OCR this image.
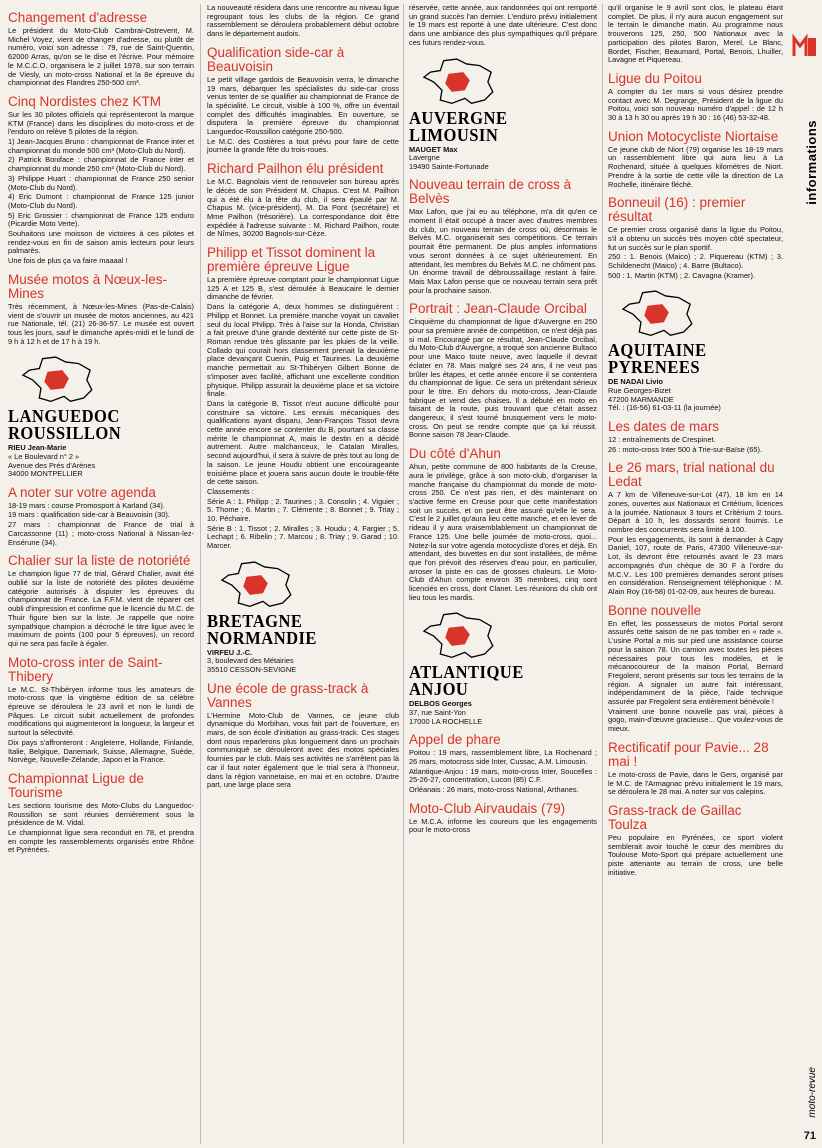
Changement d'adresse

Le président du Moto-Club Cambrai-Ostrevent, M. Michel Voyez, vient de changer d'adresse, ou plutôt de numéro, voici son adresse : 79, rue de Saint-Quentin, 62000 Arras, qu'on se le dise et l'écrive. Pour mémoire le M.C.C.O. organisera le 2 juillet 1978, sur son terrain de Viesly, un moto-cross National et la 8e épreuve du championnat des Flandres 250-500 cm³.

Cinq Nordistes chez KTM

Sur les 30 pilotes officiels qui représenteront la marque KTM (France) dans les disciplines du moto-cross et de l'enduro on relève 5 pilotes de la région.

1) Jean-Jacques Bruno : championnat de France inter et championnat du monde 500 cm³ (Moto-Club du Nord).

2) Patrick Boniface : championnat de France inter et championnat du monde 250 cm³ (Moto-Club du Nord).

3) Philippe Huart : championnat de France 250 senior (Moto-Club du Nord).

4) Eric Dumont : championnat de France 125 junior (Moto-Club du Nord).

5) Eric Grossier : championnat de France 125 enduro (Picardie Moto Verte).

Souhaitons une moisson de victoires à ces pilotes et rendez-vous en fin de saison amis lecteurs pour leurs palmarès.

Une fois de plus ça va faire maaaal !

Musée motos à Nœux-les-Mines

Très récemment, à Nœux-les-Mines (Pas-de-Calais) vient de s'ouvrir un musée de motos anciennes, au 421 rue Nationale, tél. (21) 26-36-57. Le musée est ouvert tous les jours, sauf le dimanche après-midi et le lundi de 9 h à 12 h et de 17 h à 19 h.

LANGUEDOC
ROUSSILLON
RIEU Jean-Marie
« Le Boulevard n° 2 »
Avenue des Prés d'Arènes
34000 MONTPELLIER
A noter sur votre agenda

18-19 mars : course Promosport à Karland (34).

19 mars : qualification side-car à Beauvoisin (30).

27 mars : championnat de France de trial à Carcassonne (11) ; moto-cross National à Nissan-lez-Ensérune (34).

Chalier sur la liste de notoriété

Le champion ligue 77 de trial, Gérard Chalier, avait été oublié sur la liste de notoriété des pilotes deuxième catégorie autorisés à disputer les épreuves du championnat de France. La F.F.M. vient de réparer cet oubli d'impression et confirme que le licencié du M.C. de Thuir figure bien sur la liste. Je rappelle que notre sympathique champion a décroché le titre ligue avec le maximum de points (100 pour 5 épreuves), un record qui ne sera pas facile à égaler.

Moto-cross inter de Saint-Thibery

Le M.C. St-Thibéryen informe tous les amateurs de moto-cross que la vingtième édition de sa célèbre épreuve se déroulera le 23 avril et non le lundi de Pâques. Le circuit subit actuellement de profondes modifications qui augmenteront la longueur, la largeur et surtout la sélectivité.

Dix pays s'affronteront : Angleterre, Hollande, Finlande, Italie, Belgique, Danemark, Suisse, Allemagne, Suède, Norvège, Nouvelle-Zélande, Japon et la France.

Championnat Ligue de Tourisme

Les sections tourisme des Moto-Clubs du Languedoc-Roussillon se sont réunies dernièrement sous la présidence de M. Vidal.

Le championnat ligue sera reconduit en 78, et prendra en compte les rassemblements organisés entre Rhône et Pyrénées.

La nouveauté résidera dans une rencontre au niveau ligue regroupant tous les clubs de la région. Ce grand rassemblement se déroulera probablement début octobre dans le département audois.

Qualification side-car à Beauvoisin

Le petit village gardois de Beauvoisin verra, le dimanche 19 mars, débarquer les spécialistes du side-car cross venus tenter de se qualifier au championnat de France de la spécialité. Le circuit, visible à 100 %, offre un éventail complet des difficultés imaginables. En ouverture, se disputera la première épreuve du championnat Languedoc-Roussillon catégorie 250-500.

Le M.C. des Costières a tout prévu pour faire de cette journée la grande fête du trois-roues.

Richard Pailhon élu président

Le M.C. Bagnolais vient de renouveler son bureau après le décès de son Président M. Chapus. C'est M. Pailhon qui a été élu à la tête du club, il sera épaulé par M. Chapus M. (vice-président), M. Da Pont (secrétaire) et Mme Pailhon (trésorière). La correspondance doit être expédiée à l'adresse suivante : M. Richard Pailhon, route de Nîmes, 30200 Bagnols-sur-Cèze.

Philipp et Tissot dominent la première épreuve Ligue

La première épreuve comptant pour le championnat Ligue 125 A et 125 B, s'est déroulée à Beaucaire le dernier dimanche de février.

Dans la catégorie A, deux hommes se distinguèrent : Philipp et Bonnet. La première manche voyait un cavalier seul du local Philipp. Très à l'aise sur la Honda, Christian a fait preuve d'une grande dextérité sur cette piste de St-Roman rendue très glissante par les pluies de la veille. Collado qui courait hors classement prenait la deuxième place devançant Cuenin, Puig et Taurines. La deuxième manche permettait au St-Thibéryen Gilbert Bonne de s'imposer avec facilité, affichant une excellente condition physique. Philipp assurait la deuxième place et sa victoire finale.

Dans la catégorie B, Tissot n'eut aucune difficulté pour construire sa victoire. Les ennuis mécaniques des qualifications ayant disparu, Jean-François Tissot devra cette année encore se contenter du B, pourtant sa classe mérite le championnat A, mais le destin en a décidé autrement. Autre malchanceux, le Catalan Miralles, second aujourd'hui, il sera à suivre de près tout au long de la saison. Le jeune Houdu obtient une encourageante troisième place et jouera sans aucun doute le trouble-fête de cette saison.

Classements :

Série A : 1. Philipp ; 2. Taurines ; 3. Consolin ; 4. Viguier ; 5. Thome ; 6. Martin ; 7. Clémente ; 8. Bonnet ; 9. Triay ; 10. Péchaire.

Série B : 1. Tissot ; 2. Miralles ; 3. Houdu ; 4. Fargier ; 5. Lechapt ; 6. Ribelin ; 7. Marcou ; 8. Triay ; 9. Garad ; 10. Marcer.

BRETAGNE
NORMANDIE
VIRFEU J.-C.
3, boulevard des Métairies
35510 CESSON-SEVIGNE
Une école de grass-track à Vannes

L'Hermine Moto-Club de Vannes, ce jeune club dynamique du Morbihan, vous fait part de l'ouverture, en mars, de son école d'initiation au grass-track. Ces stages dont nous reparlerons plus longuement dans un prochain communiqué se dérouleront avec des motos spéciales fournies par le club. Mais ses activités ne s'arrêtent pas là car il faut noter également que le trial sera à l'honneur, dans la région vannetaise, en mai et en octobre. D'autre part, une large place sera

réservée, cette année, aux randonnées qui ont remporté un grand succès l'an dernier. L'enduro prévu initialement le 19 mars est reporté à une date ultérieure. C'est donc dans une ambiance des plus sympathiques qu'il prépare ces futurs rendez-vous.

AUVERGNE
LIMOUSIN
MAUGET Max
Lavergne
19490 Sainte-Fortunade
Nouveau terrain de cross à Belvès

Max Lafon, que j'ai eu au téléphone, m'a dit qu'en ce moment il était occupé à tracer avec d'autres membres du club, un nouveau terrain de cross où, désormais le Belvès M.C. organiserait ses compétitions. Ce terrain pourrait être permanent. De plus amples informations vous seront données à ce sujet ultérieurement. En attendant, les membres du Belvès M.C. ne chôment pas. Un énorme travail de débroussaillage restant à faire. Mais Max Lafon pense que ce nouveau terrain sera prêt pour la prochaine saison.

Portrait : Jean-Claude Orcibal

Cinquième du championnat de ligue d'Auvergne en 250 pour sa première année de compétition, ce n'est déjà pas si mal. Encouragé par ce résultat, Jean-Claude Orcibal, du Moto-Club d'Auvergne, a troqué son ancienne Bultaco pour une Maico toute neuve, avec laquelle il devrait éclater en 78. Mais malgré ses 24 ans, il ne veut pas brûler les étapes, et cette année encore il se contentera du championnat de ligue. Ce sera un prétendant sérieux pour le titre. En dehors du moto-cross, Jean-Claude fabrique et vend des chaises. Il a débuté en moto en faisant de la route, puis trouvant que c'était assez dangereux, il s'est tourné brusquement vers le moto-cross. On peut se rendre compte que ça lui réussit. Bonne saison 78 Jean-Claude.

Du côté d'Ahun

Ahun, petite commune de 800 habitants de la Creuse, aura le privilège, grâce à son moto-club, d'organiser la manche française du championnat du monde de moto-cross 250. Ce n'est pas rien, et dès maintenant on s'active ferme en Creuse pour que cette manifestation soit un succès, et on peut être assuré qu'elle le sera. C'est le 2 juillet qu'aura lieu cette manche, et en lever de rideau il y aura vraisemblablement un championnat de France 125. Une belle journée de moto-cross, quoi... Notez-la sur votre agenda motocycliste d'ores et déjà. En attendant, des buvettes en dur sont installées, de même que l'on prévoit des réserves d'eau pour, en particulier, arroser la piste en cas de grosses chaleurs. Le Moto-Club d'Ahun compte environ 35 membres, cinq sont licenciés en cross, dont Clanet. Les réunions du club ont lieu tous les mardis.

ATLANTIQUE
ANJOU
DELBOS Georges
37, rue Saint-Yon
17000 LA ROCHELLE
Appel de phare

Poitou : 19 mars, rassemblement libre, La Rochenard ; 26 mars, motocross side Inter, Cussac, A.M. Limousin.

Atlantique-Anjou : 19 mars, moto-cross Inter, Soucelles : 25-26-27, concentration, Lucon (85) C.F.

Orléanais : 26 mars, moto-cross National, Arthanes.

Moto-Club Airvaudais (79)

Le M.C.A. informe les coureurs que les engagements pour le moto-cross

qu'il organise le 9 avril sont clos, le plateau étant complet. De plus, il n'y aura aucun engagement sur le terrain le dimanche matin. Au programme nous trouverons 125, 250, 500 Nationaux avec la participation des pilotes Baron, Merel, Le Blanc, Bordet, Fischer, Beaumard, Portal, Benois, Lhuiller, Lavagne et Piquereau.

Ligue du Poitou

A compter du 1er mars si vous désirez prendre contact avec M. Degrange, Président de la ligue du Poitou, voici son nouveau numéro d'appel : de 12 h 30 à 13 h 30 ou après 19 h 30 : 16 (46) 53-32-48.

Union Motocycliste Niortaise

Ce jeune club de Niort (79) organise les 18-19 mars un rassemblement libre qui aura lieu à La Rochenard, située à quelques kilomètres de Niort. Prendre à la sortie de cette ville la direction de La Rochelle, itinéraire fléché.

Bonneuil (16) : premier résultat

Ce premier cross organisé dans la ligue du Poitou, s'il a obtenu un succès très moyen côté spectateur, fut un succès sur le plan sportif.

250 : 1. Benois (Maico) ; 2. Piquereau (KTM) ; 3. Schildenecht (Maico) ; 4. Barre (Bultaco).

500 : 1. Martin (KTM) ; 2. Cavagna (Kramer).

AQUITAINE
PYRENEES
DE NADAI Livio
Rue Georges-Bizet
47200 MARMANDE
Tél. : (16-56) 61-03-11 (la journée)
Les dates de mars

12 : entraînements de Crespinet.

26 : moto-cross Inter 500 à Trie-sur-Baïse (65).

Le 26 mars, trial national du Ledat

A 7 km de Villeneuve-sur-Lot (47), 18 km en 14 zones, ouvertes aux Nationaux et Critérium, licences à la journée. Nationaux 3 tours et Critérium 2 tours. Départ à 10 h, les dossards seront fournis. Le nombre des concurrents sera limité à 100.

Pour les engagements, ils sont à demander à Capy Daniel, 107, route de Paris, 47300 Villeneuve-sur-Lot, ils devront être retournés avant le 23 mars accompagnés d'un chèque de 30 F à l'ordre du M.C.V.. Les 100 premières demandes seront prises en considération. Renseignement téléphonique : M. Alain Roy (16-58) 01-02-09, aux heures de bureau.

Bonne nouvelle

En effet, les possesseurs de motos Portal seront assurés cette saison de ne pas tomber en « rade ». L'usine Portal a mis sur pied une assistance course pour la saison 78. Un camion avec toutes les pièces nécessaires pour tous les modèles, et le mécanocoureur de la maison Portal, Bernard Fregolent, seront présents sur tous les terrains de la région. A signaler un autre fait intéressant, indépendamment de la pièce, l'aide technique assurée par Fregolent sera entièrement bénévole !

Vraiment une bonne nouvelle pas vrai, pièces à gogo, main-d'œuvre gracieuse... Que voulez-vous de mieux.

Rectificatif pour Pavie... 28 mai !

Le moto-cross de Pavie, dans le Gers, organisé par le M.C. de l'Armagnac prévu initialement le 19 mars, se déroulera le 28 mai. A noter sur vos calepins.

Grass-track de Gaillac Toulza

Peu populaire en Pyrénées, ce sport violent semblerait avoir touché le cœur des membres du Toulouse Moto-Sport qui prépare actuellement une piste attenante au terrain de cross, une belle initiative.

informations
moto-revue
71
